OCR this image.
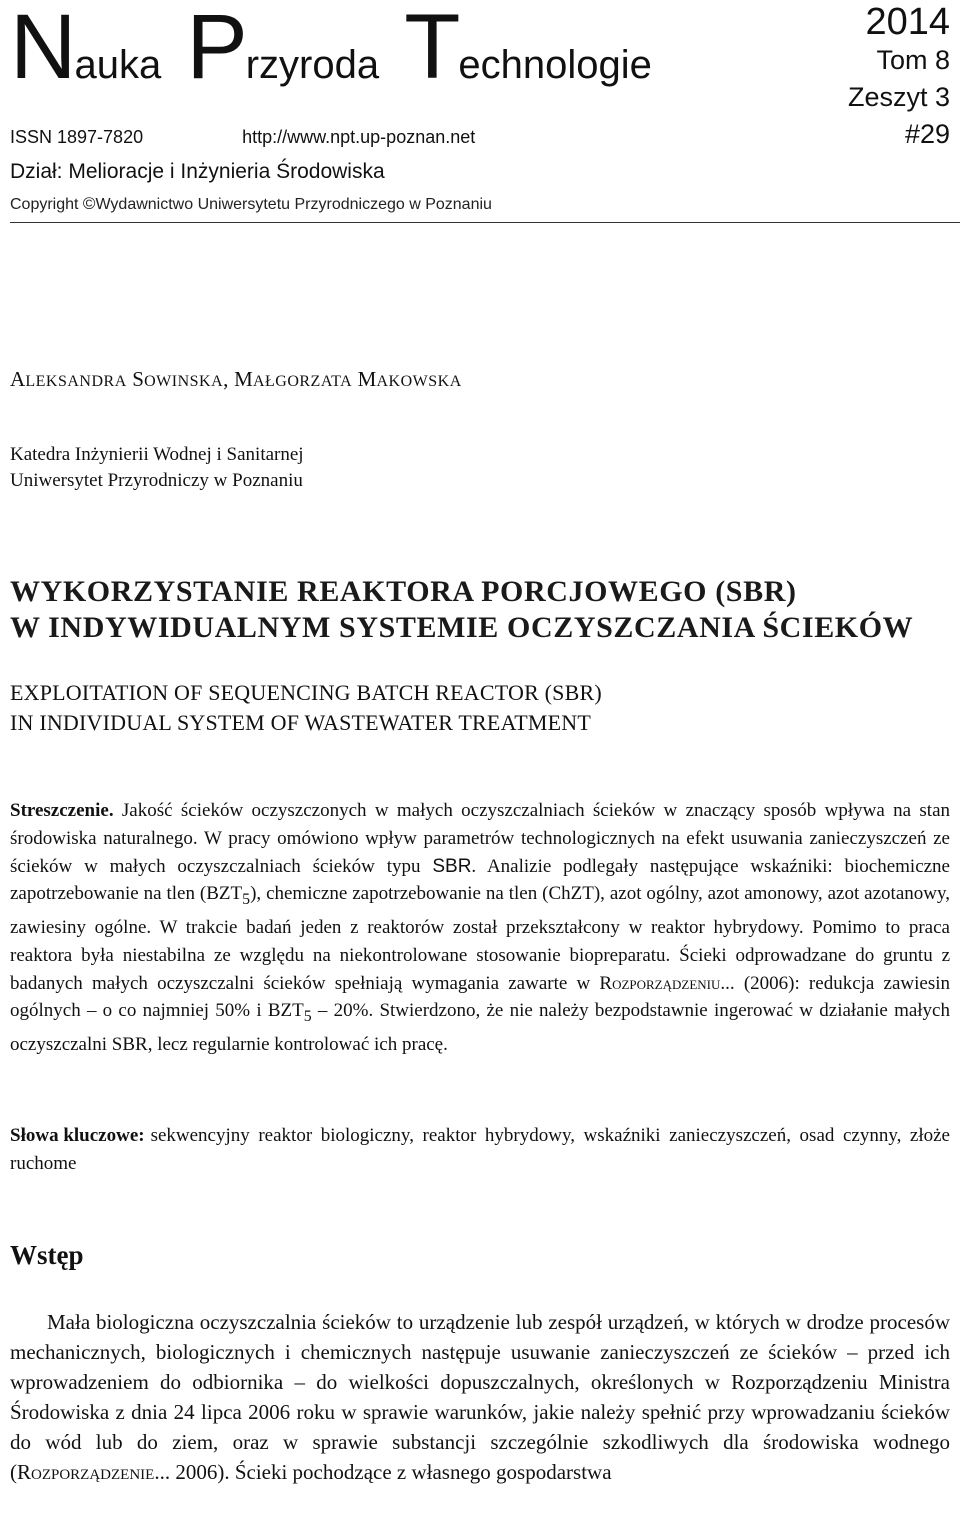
Nauka Przyroda Technologie
2014
Tom 8
Zeszyt 3
#29
ISSN 1897-7820	http://www.npt.up-poznan.net
Dział: Melioracje i Inżynieria Środowiska
Copyright ©Wydawnictwo Uniwersytetu Przyrodniczego w Poznaniu
ALEKSANDRA SOWINSKA, MAŁGORZATA MAKOWSKA
Katedra Inżynierii Wodnej i Sanitarnej
Uniwersytet Przyrodniczy w Poznaniu
WYKORZYSTANIE REAKTORA PORCJOWEGO (SBR)
W INDYWIDUALNYM SYSTEMIE OCZYSZCZANIA ŚCIEKÓW
EXPLOITATION OF SEQUENCING BATCH REACTOR (SBR)
IN INDIVIDUAL SYSTEM OF WASTEWATER TREATMENT

Streszczenie. Jakość ścieków oczyszczonych w małych oczyszczalniach ścieków w znaczący sposób wpływa na stan środowiska naturalnego. W pracy omówiono wpływ parametrów technologicznych na efekt usuwania zanieczyszczeń ze ścieków w małych oczyszczalniach ścieków typu SBR. Analizie podlegały następujące wskaźniki: biochemiczne zapotrzebowanie na tlen $(BZT_5)$, chemiczne zapotrzebowanie na tlen (ChZT), azot ogólny, azot amonowy, azot azotanowy, zawiesiny ogólne. W trakcie badań jeden z reaktorów został przekształcony w reaktor hybrydowy. Pomimo to praca reaktora była niestabilna ze względu na niekontrolowane stosowanie biopreparatu. Ścieki odprowadzane do gruntu z badanych małych oczyszczalni ścieków spełniają wymagania zawarte w Rozporządzeniu... (2006): redukcja zawiesin ogólnych – o co najmniej 50% i $BZT_5 - 20\%$. Stwierdzono, że nie należy bezpodstawnie ingerować w działanie małych oczyszczalni SBR, lecz regularnie kontrolować ich pracę.

Słowa kluczowe: sekwencyjny reaktor biologiczny, reaktor hybrydowy, wskaźniki zanieczyszczeń, osad czynny, złoże ruchome
Wstęp

Mała biologiczna oczyszczalnia ścieków to urządzenie lub zespół urządzeń, w których w drodze procesów mechanicznych, biologicznych i chemicznych następuje usuwanie zanieczyszczeń ze ścieków – przed ich wprowadzeniem do odbiornika – do wielkości dopuszczalnych, określonych w Rozporządzeniu Ministra Środowiska z dnia 24 lipca 2006 roku w sprawie warunków, jakie należy spełnić przy wprowadzaniu ścieków do wód lub do ziem, oraz w sprawie substancji szczególnie szkodliwych dla środowiska wodnego (Rozporządzenie... 2006). Ścieki pochodzące z własnego gospodarstwa
